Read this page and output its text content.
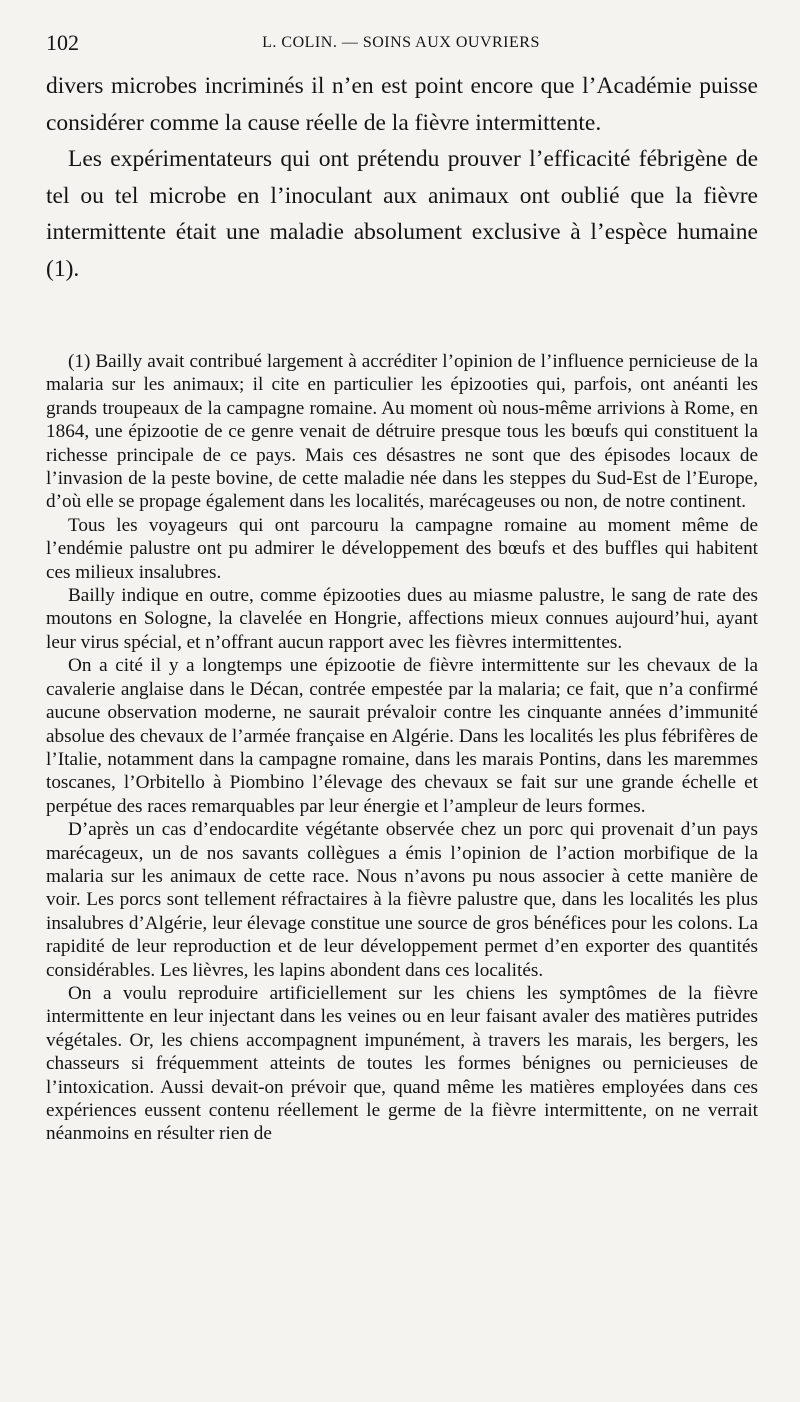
102	L. COLIN. — SOINS AUX OUVRIERS

divers microbes incriminés il n’en est point encore que l’Académie puisse considérer comme la cause réelle de la fièvre intermittente.

Les expérimentateurs qui ont prétendu prouver l’efficacité fébrigène de tel ou tel microbe en l’inoculant aux animaux ont oublié que la fièvre intermittente était une maladie absolument exclusive à l’espèce humaine (1).

(1) Bailly avait contribué largement à accréditer l’opinion de l’influence pernicieuse de la malaria sur les animaux; il cite en particulier les épizooties qui, parfois, ont anéanti les grands troupeaux de la campagne romaine. Au moment où nous-même arrivions à Rome, en 1864, une épizootie de ce genre venait de détruire presque tous les bœufs qui constituent la richesse principale de ce pays. Mais ces désastres ne sont que des épisodes locaux de l’invasion de la peste bovine, de cette maladie née dans les steppes du Sud-Est de l’Europe, d’où elle se propage également dans les localités, marécageuses ou non, de notre continent.

Tous les voyageurs qui ont parcouru la campagne romaine au moment même de l’endémie palustre ont pu admirer le développement des bœufs et des buffles qui habitent ces milieux insalubres.

Bailly indique en outre, comme épizooties dues au miasme palustre, le sang de rate des moutons en Sologne, la clavelée en Hongrie, affections mieux connues aujourd’hui, ayant leur virus spécial, et n’offrant aucun rapport avec les fièvres intermittentes.

On a cité il y a longtemps une épizootie de fièvre intermittente sur les chevaux de la cavalerie anglaise dans le Décan, contrée empestée par la malaria; ce fait, que n’a confirmé aucune observation moderne, ne saurait prévaloir contre les cinquante années d’immunité absolue des chevaux de l’armée française en Algérie. Dans les localités les plus fébrifères de l’Italie, notamment dans la campagne romaine, dans les marais Pontins, dans les maremmes toscanes, l’Orbitello à Piombino l’élevage des chevaux se fait sur une grande échelle et perpétue des races remarquables par leur énergie et l’ampleur de leurs formes.

D’après un cas d’endocardite végétante observée chez un porc qui provenait d’un pays marécageux, un de nos savants collègues a émis l’opinion de l’action morbifique de la malaria sur les animaux de cette race. Nous n’avons pu nous associer à cette manière de voir. Les porcs sont tellement réfractaires à la fièvre palustre que, dans les localités les plus insalubres d’Algérie, leur élevage constitue une source de gros bénéfices pour les colons. La rapidité de leur reproduction et de leur développement permet d’en exporter des quantités considérables. Les lièvres, les lapins abondent dans ces localités.

On a voulu reproduire artificiellement sur les chiens les symptômes de la fièvre intermittente en leur injectant dans les veines ou en leur faisant avaler des matières putrides végétales. Or, les chiens accompagnent impunément, à travers les marais, les bergers, les chasseurs si fréquemment atteints de toutes les formes bénignes ou pernicieuses de l’intoxication. Aussi devait-on prévoir que, quand même les matières employées dans ces expériences eussent contenu réellement le germe de la fièvre intermittente, on ne verrait néanmoins en résulter rien de
